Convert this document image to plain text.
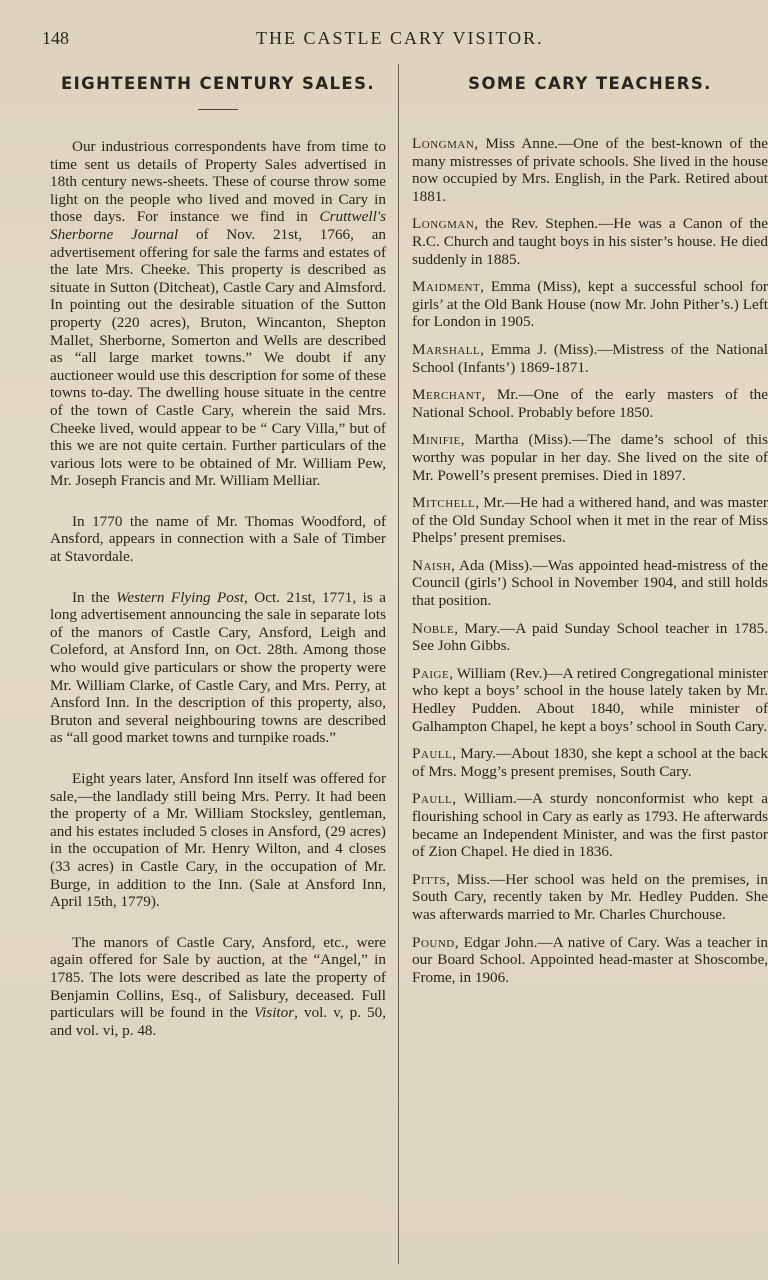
148	THE CASTLE CARY VISITOR.
EIGHTEENTH CENTURY SALES.

Our industrious correspondents have from time to time sent us details of Property Sales advertised in 18th century news-sheets. These of course throw some light on the people who lived and moved in Cary in those days. For instance we find in Cruttwell's Sherborne Journal of Nov. 21st, 1766, an advertisement offering for sale the farms and estates of the late Mrs. Cheeke. This property is described as situate in Sutton (Ditcheat), Castle Cary and Almsford. In pointing out the desirable situation of the Sutton property (220 acres), Bruton, Wincanton, Shepton Mallet, Sherborne, Somerton and Wells are described as “all large market towns.” We doubt if any auctioneer would use this description for some of these towns to-day. The dwelling house situate in the centre of the town of Castle Cary, wherein the said Mrs. Cheeke lived, would appear to be “ Cary Villa,” but of this we are not quite certain. Further particulars of the various lots were to be obtained of Mr. William Pew, Mr. Joseph Francis and Mr. William Melliar.

In 1770 the name of Mr. Thomas Woodford, of Ansford, appears in connection with a Sale of Timber at Stavordale.

In the Western Flying Post, Oct. 21st, 1771, is a long advertisement announcing the sale in separate lots of the manors of Castle Cary, Ansford, Leigh and Coleford, at Ansford Inn, on Oct. 28th. Among those who would give particulars or show the property were Mr. William Clarke, of Castle Cary, and Mrs. Perry, at Ansford Inn. In the description of this property, also, Bruton and several neighbouring towns are described as “all good market towns and turnpike roads.”

Eight years later, Ansford Inn itself was offered for sale,—the landlady still being Mrs. Perry. It had been the property of a Mr. William Stocksley, gentleman, and his estates included 5 closes in Ansford, (29 acres) in the occupation of Mr. Henry Wilton, and 4 closes (33 acres) in Castle Cary, in the occupation of Mr. Burge, in addition to the Inn. (Sale at Ansford Inn, April 15th, 1779).

The manors of Castle Cary, Ansford, etc., were again offered for Sale by auction, at the “Angel,” in 1785. The lots were described as late the property of Benjamin Collins, Esq., of Salisbury, deceased. Full particulars will be found in the Visitor, vol. v, p. 50, and vol. vi, p. 48.

SOME CARY TEACHERS.

Longman, Miss Anne.—One of the best-known of the many mistresses of private schools. She lived in the house now occupied by Mrs. English, in the Park. Retired about 1881.

Longman, the Rev. Stephen.—He was a Canon of the R.C. Church and taught boys in his sister’s house. He died suddenly in 1885.

Maidment, Emma (Miss), kept a successful school for girls’ at the Old Bank House (now Mr. John Pither’s.) Left for London in 1905.

Marshall, Emma J. (Miss).—Mistress of the National School (Infants’) 1869-1871.

Merchant, Mr.—One of the early masters of the National School. Probably before 1850.

Minifie, Martha (Miss).—The dame’s school of this worthy was popular in her day. She lived on the site of Mr. Powell’s present premises. Died in 1897.

Mitchell, Mr.—He had a withered hand, and was master of the Old Sunday School when it met in the rear of Miss Phelps’ present premises.

Naish, Ada (Miss).—Was appointed head-mistress of the Council (girls’) School in November 1904, and still holds that position.

Noble, Mary.—A paid Sunday School teacher in 1785. See John Gibbs.

Paige, William (Rev.)—A retired Congregational minister who kept a boys’ school in the house lately taken by Mr. Hedley Pudden. About 1840, while minister of Galhampton Chapel, he kept a boys’ school in South Cary.

Paull, Mary.—About 1830, she kept a school at the back of Mrs. Mogg’s present premises, South Cary.

Paull, William.—A sturdy nonconformist who kept a flourishing school in Cary as early as 1793. He afterwards became an Independent Minister, and was the first pastor of Zion Chapel. He died in 1836.

Pitts, Miss.—Her school was held on the premises, in South Cary, recently taken by Mr. Hedley Pudden. She was afterwards married to Mr. Charles Churchouse.

Pound, Edgar John.—A native of Cary. Was a teacher in our Board School. Appointed head-master at Shoscombe, Frome, in 1906.
